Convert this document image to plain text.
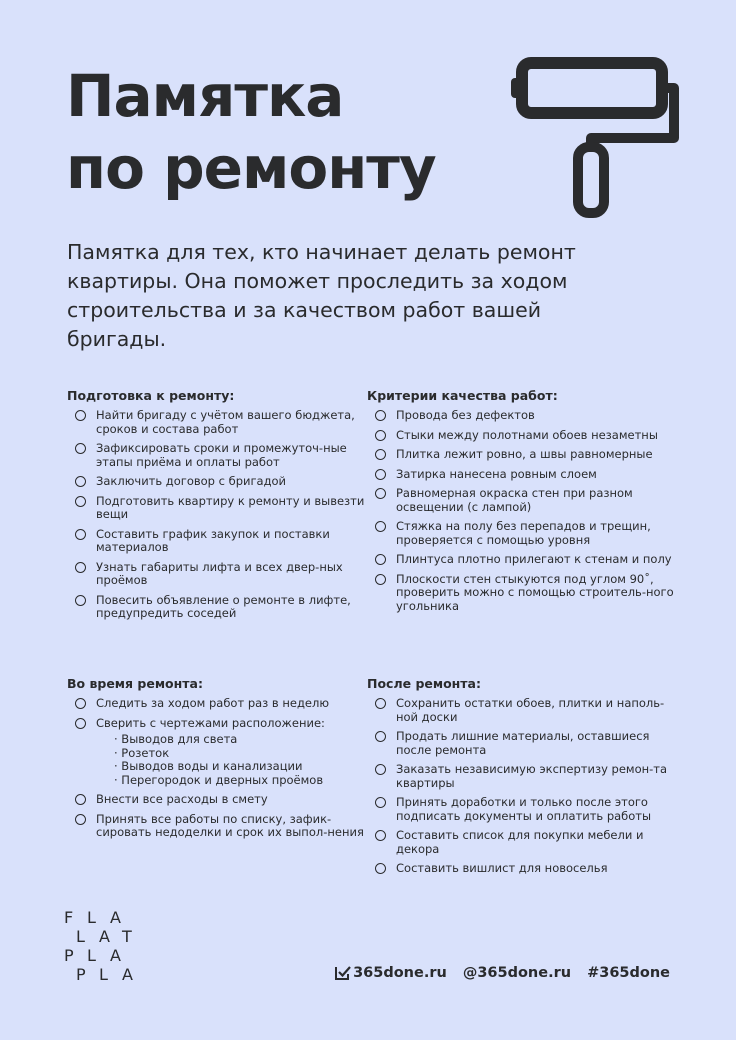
Памятка
по ремонту

Памятка для тех, кто начинает делать ремонт квартиры. Она поможет проследить за ходом строительства и за качеством работ вашей бригады.

Подготовка к ремонту:
Найти бригаду с учётом вашего бюджета, сроков и состава работ
Зафиксировать сроки и промежуточ-ные этапы приёма и оплаты работ
Заключить договор с бригадой
Подготовить квартиру к ремонту и вывезти вещи
Составить график закупок и поставки материалов
Узнать габариты лифта и всех двер-ных проёмов
Повесить объявление о ремонте в лифте, предупредить соседей
Критерии качества работ:
Провода без дефектов
Стыки между полотнами обоев незаметны
Плитка лежит ровно, а швы равномерные
Затирка нанесена ровным слоем
Равномерная окраска стен при разном освещении (с лампой)
Стяжка на полу без перепадов и трещин, проверяется с помощью уровня
Плинтуса плотно прилегают к стенам и полу
Плоскости стен стыкуются под углом 90˚, проверить можно с помощью строитель-ного угольника
Во время ремонта:
Следить за ходом работ раз в неделю
Сверить с чертежами расположение:
· Выводов для света
· Розеток
· Выводов воды и канализации
· Перегородок и дверных проёмов
Внести все расходы в смету
Принять все работы по списку, зафик-сировать недоделки и срок их выпол-нения
После ремонта:
Сохранить остатки обоев, плитки и наполь-ной доски
Продать лишние материалы, оставшиеся после ремонта
Заказать независимую экспертизу ремон-та квартиры
Принять доработки и только после этого подписать документы и оплатить работы
Составить список для покупки мебели и декора
Составить вишлист для новоселья
F L A
L A T
P L A
P L A	365done.ru @365done.ru #365done
